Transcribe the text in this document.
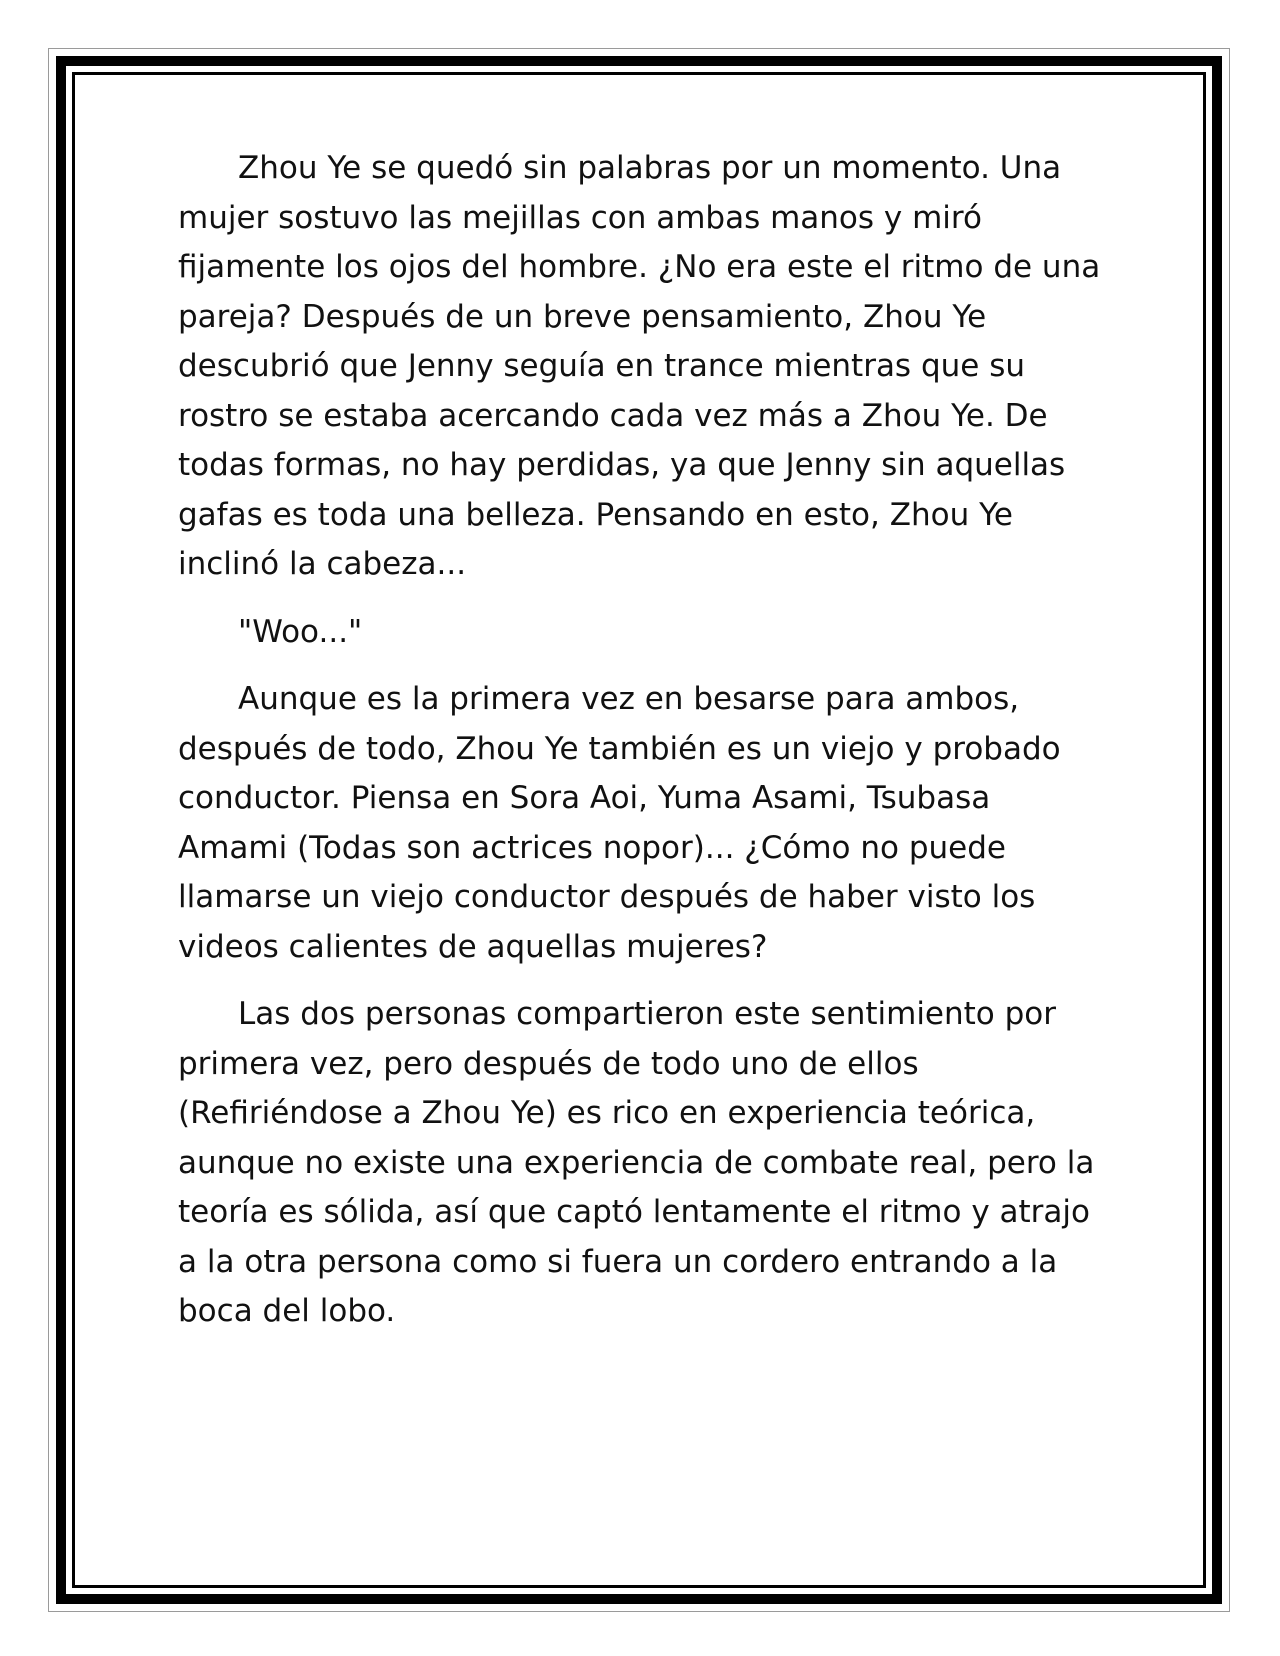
Zhou Ye se quedó sin palabras por un momento. Una mujer sostuvo las mejillas con ambas manos y miró fijamente los ojos del hombre. ¿No era este el ritmo de una pareja? Después de un breve pensamiento, Zhou Ye descubrió que Jenny seguía en trance mientras que su rostro se estaba acercando cada vez más a Zhou Ye. De todas formas, no hay perdidas, ya que Jenny sin aquellas gafas es toda una belleza. Pensando en esto, Zhou Ye inclinó la cabeza...

"Woo..."

Aunque es la primera vez en besarse para ambos, después de todo, Zhou Ye también es un viejo y probado conductor. Piensa en Sora Aoi, Yuma Asami, Tsubasa Amami (Todas son actrices nopor)... ¿Cómo no puede llamarse un viejo conductor después de haber visto los videos calientes de aquellas mujeres?

Las dos personas compartieron este sentimiento por primera vez, pero después de todo uno de ellos (Refiriéndose a Zhou Ye) es rico en experiencia teórica, aunque no existe una experiencia de combate real, pero la teoría es sólida, así que captó lentamente el ritmo y atrajo a la otra persona como si fuera un cordero entrando a la boca del lobo.
